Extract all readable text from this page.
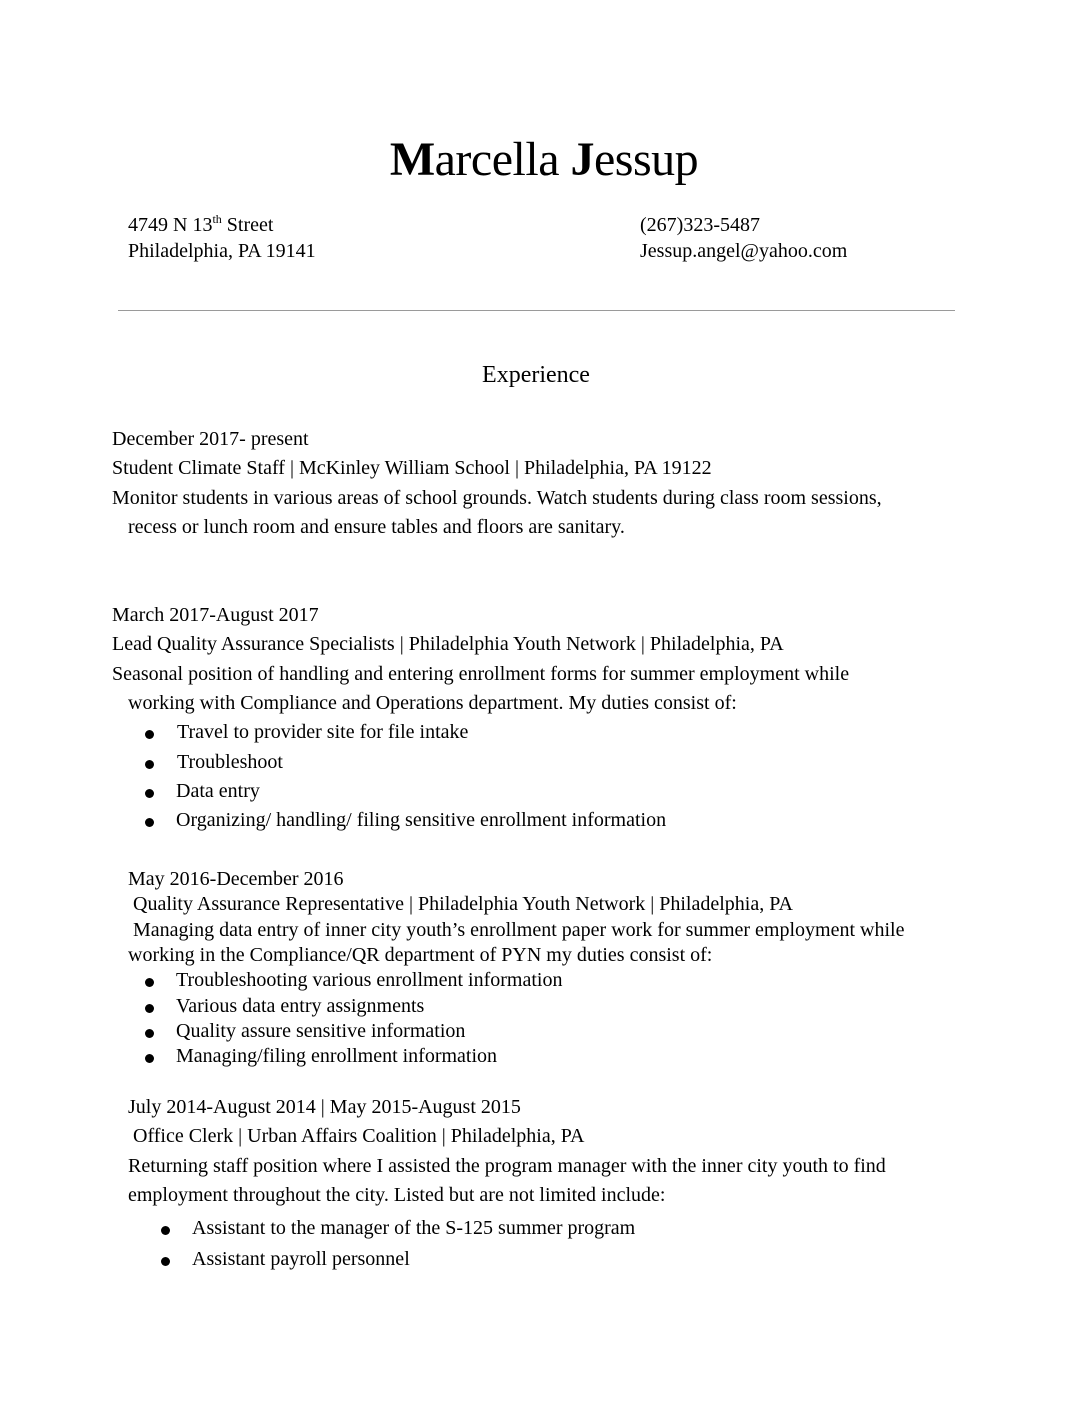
Marcella Jessup
4749 N 13th Street
Philadelphia, PA 19141
(267)323-5487
Jessup.angel@yahoo.com
Experience
December 2017- present
Student Climate Staff | McKinley William School | Philadelphia, PA 19122
Monitor students in various areas of school grounds. Watch students during class room sessions,
recess or lunch room and ensure tables and floors are sanitary.
March 2017-August 2017
Lead Quality Assurance Specialists | Philadelphia Youth Network | Philadelphia, PA
Seasonal position of handling and entering enrollment forms for summer employment while
working with Compliance and Operations department. My duties consist of:
Travel to provider site for file intake
Troubleshoot
Data entry
Organizing/ handling/ filing sensitive enrollment information
May 2016-December 2016
Quality Assurance Representative | Philadelphia Youth Network | Philadelphia, PA
Managing data entry of inner city youth’s enrollment paper work for summer employment while
working in the Compliance/QR department of PYN my duties consist of:
Troubleshooting various enrollment information
Various data entry assignments
Quality assure sensitive information
Managing/filing enrollment information
July 2014-August 2014 | May 2015-August 2015
Office Clerk | Urban Affairs Coalition | Philadelphia, PA
Returning staff position where I assisted the program manager with the inner city youth to find
employment throughout the city. Listed but are not limited include:
Assistant to the manager of the S-125 summer program
Assistant payroll personnel
